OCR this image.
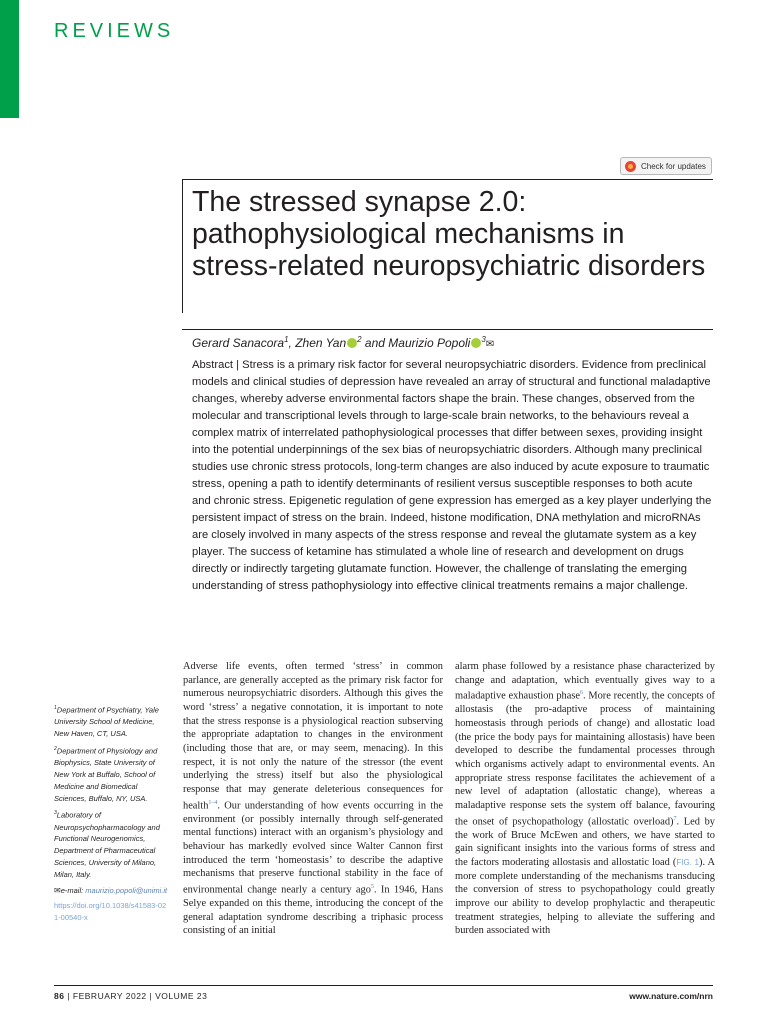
REVIEWS
Check for updates
The stressed synapse 2.0: pathophysiological mechanisms in stress-related neuropsychiatric disorders
Gerard Sanacora$^1$, Zhen Yan $^2$ and Maurizio Popoli $^3$✉
Abstract | Stress is a primary risk factor for several neuropsychiatric disorders. Evidence from preclinical models and clinical studies of depression have revealed an array of structural and functional maladaptive changes, whereby adverse environmental factors shape the brain. These changes, observed from the molecular and transcriptional levels through to large-scale brain networks, to the behaviours reveal a complex matrix of interrelated pathophysiological processes that differ between sexes, providing insight into the potential underpinnings of the sex bias of neuropsychiatric disorders. Although many preclinical studies use chronic stress protocols, long-term changes are also induced by acute exposure to traumatic stress, opening a path to identify determinants of resilient versus susceptible responses to both acute and chronic stress. Epigenetic regulation of gene expression has emerged as a key player underlying the persistent impact of stress on the brain. Indeed, histone modification, DNA methylation and microRNAs are closely involved in many aspects of the stress response and reveal the glutamate system as a key player. The success of ketamine has stimulated a whole line of research and development on drugs directly or indirectly targeting glutamate function. However, the challenge of translating the emerging understanding of stress pathophysiology into effective clinical treatments remains a major challenge.

$^1$Department of Psychiatry, Yale University School of Medicine, New Haven, CT, USA.

$^2$Department of Physiology and Biophysics, State University of New York at Buffalo, School of Medicine and Biomedical Sciences, Buffalo, NY, USA.

$^3$Laboratory of Neuropsychopharmacology and Functional Neurogenomics, Department of Pharmaceutical Sciences, University of Milano, Milan, Italy.

✉e-mail: maurizio.popoli@unimi.it

https://doi.org/10.1038/s41583-021-00540-x

Adverse life events, often termed ‘stress’ in common parlance, are generally accepted as the primary risk factor for numerous neuropsychiatric disorders. Although this gives the word ‘stress’ a negative connotation, it is important to note that the stress response is a physiological reaction subserving the appropriate adaptation to changes in the environment (including those that are, or may seem, menacing). In this respect, it is not only the nature of the stressor (the event underlying the stress) itself but also the physiological response that may generate deleterious consequences for health$^{1-4}$. Our understanding of how events occurring in the environment (or possibly internally through self-generated mental functions) interact with an organism’s physiology and behaviour has markedly evolved since Walter Cannon first introduced the term ‘homeostasis’ to describe the adaptive mechanisms that preserve functional stability in the face of environmental change nearly a century ago$^5$. In 1946, Hans Selye expanded on this theme, introducing the concept of the general adaptation syndrome describing a triphasic process consisting of an initial
alarm phase followed by a resistance phase characterized by change and adaptation, which eventually gives way to a maladaptive exhaustion phase$^6$. More recently, the concepts of allostasis (the pro-adaptive process of maintaining homeostasis through periods of change) and allostatic load (the price the body pays for maintaining allostasis) have been developed to describe the fundamental processes through which organisms actively adapt to environmental events. An appropriate stress response facilitates the achievement of a new level of adaptation (allostatic change), whereas a maladaptive response sets the system off balance, favouring the onset of psychopathology (allostatic overload)$^7$. Led by the work of Bruce McEwen and others, we have started to gain significant insights into the various forms of stress and the factors moderating allostasis and allostatic load (FIG. 1). A more complete understanding of the mechanisms transducing the conversion of stress to psychopathology could greatly improve our ability to develop prophylactic and therapeutic treatment strategies, helping to alleviate the suffering and burden associated with
86 | FEBRUARY 2022 | VOLUME 23	www.nature.com/nrn
